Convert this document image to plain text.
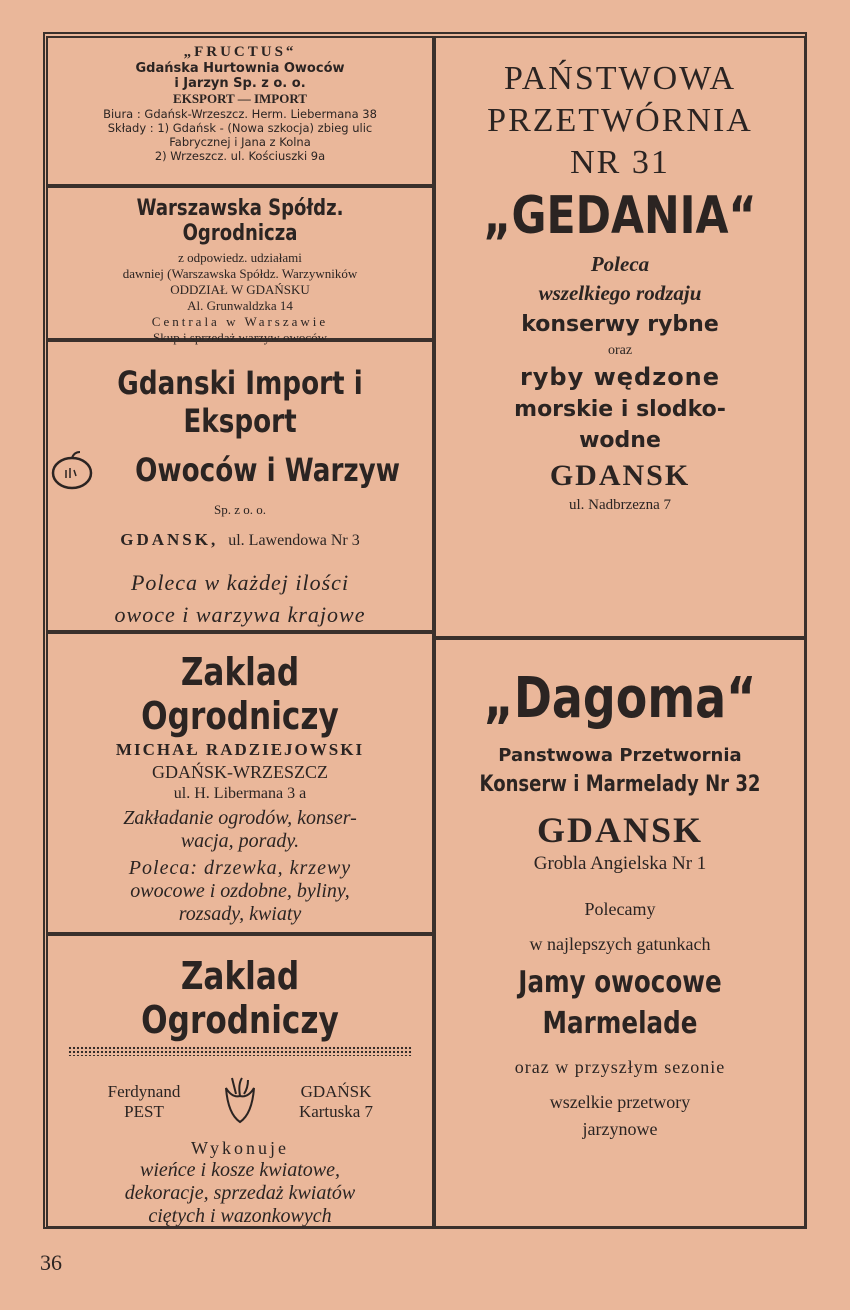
„FRUCTUS“
Gdańska Hurtownia Owoców
i Jarzyn Sp. z o. o.
EKSPORT — IMPORT
Biura : Gdańsk-Wrzeszcz. Herm. Liebermana 38
Składy : 1) Gdańsk - (Nowa szkocja) zbieg ulic
Fabrycznej i Jana z Kolna
2) Wrzeszcz. ul. Kościuszki 9a
Warszawska Spółdz. Ogrodnicza
z odpowiedz. udziałami
dawniej (Warszawska Spółdz. Warzywników
ODDZIAŁ W GDAŃSKU
Al. Grunwaldzka 14
Centrala w Warszawie
Skup i sprzedaż warzyw owoców
Gdanski Import i Eksport
Owoców i Warzyw
Sp. z o. o.
GDANSK, ul. Lawendowa Nr 3
Poleca w każdej ilości
owoce i warzywa krajowe
PAŃSTWOWA
PRZETWÓRNIA
NR 31
„GEDANIA“
Poleca
wszelkiego rodzaju
konserwy rybne
oraz
ryby wędzone
morskie i slodko-
wodne
GDANSK
ul. Nadbrzezna 7
Zaklad Ogrodniczy
MICHAŁ RADZIEJOWSKI
GDAŃSK-WRZESZCZ
ul. H. Libermana 3 a
Zakładanie ogrodów, konser-
wacja, porady.
Poleca: drzewka, krzewy
owocowe i ozdobne, byliny,
rozsady, kwiaty
„Dagoma“
Panstwowa Przetwornia
Konserw i Marmelady Nr 32
GDANSK
Grobla Angielska Nr 1
Polecamy
w najlepszych gatunkach
Jamy owocowe
Marmelade
oraz w przyszłym sezonie
wszelkie przetwory
jarzynowe
Zaklad Ogrodniczy
Ferdynand
PEST
GDAŃSK
Kartuska 7
Wykonuje
wieńce i kosze kwiatowe,
dekoracje, sprzedaż kwiatów
ciętych i wazonkowych
36
